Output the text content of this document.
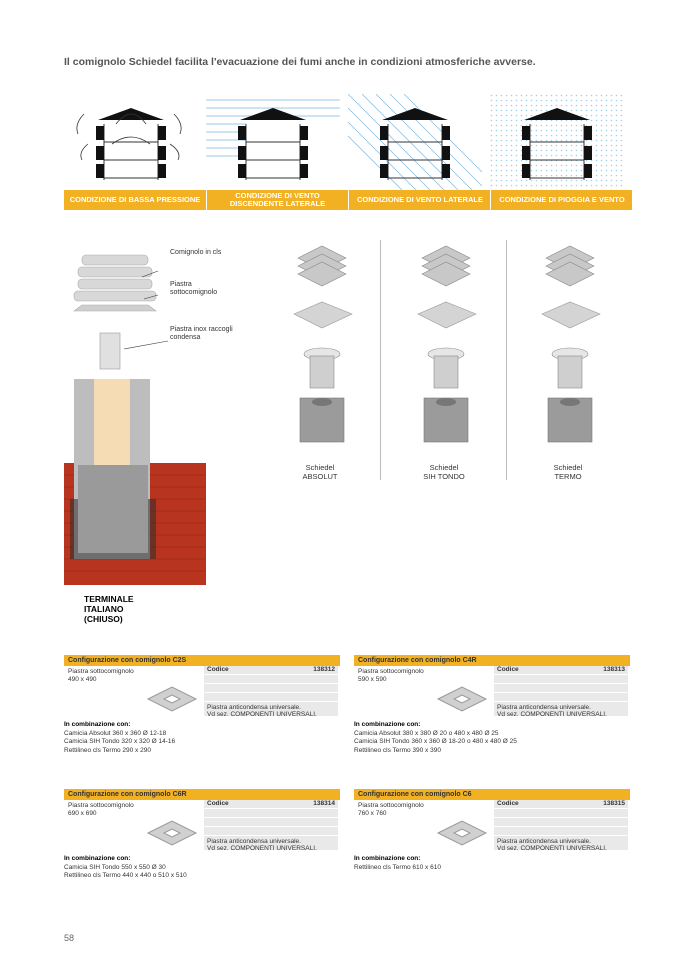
Il comignolo Schiedel facilita l'evacuazione dei fumi anche in condizioni atmosferiche avverse.
CONDIZIONE DI BASSA PRESSIONE	CONDIZIONE DI VENTO DISCENDENTE LATERALE	CONDIZIONE DI VENTO LATERALE	CONDIZIONE DI PIOGGIA E VENTO
Comignolo in cls
Piastra sottocomignolo
Piastra inox raccogli condensa
TERMINALE ITALIANO (CHIUSO)
Schiedel
ABSOLUT
Schiedel
SIH TONDO
Schiedel
TERMO
Configurazione con comignolo C2S
Piastra sottocomignolo
490 x 490
Codice	138312
Piastra anticondensa universale.
Vd sez. COMPONENTI UNIVERSALI.
In combinazione con:
Camicia Absolut 360 x 360 Ø 12-18
Camicia SIH Tondo 320 x 320 Ø 14-16
Rettilineo cls Termo 290 x 290
Configurazione con comignolo C4R
Piastra sottocomignolo
590 x 590
Codice	138313
Piastra anticondensa universale.
Vd sez. COMPONENTI UNIVERSALI.
In combinazione con:
Camicia Absolut 380 x 380 Ø 20 o 480 x 480 Ø 25
Camicia SIH Tondo 360 x 360 Ø 18-20 o 480 x 480 Ø 25
Rettilineo cls Termo 390 x 390
Configurazione con comignolo C6R
Piastra sottocomignolo
690 x 690
Codice	138314
Piastra anticondensa universale.
Vd sez. COMPONENTI UNIVERSALI.
In combinazione con:
Camicia SIH Tondo 550 x 550 Ø 30
Rettilineo cls Termo 440 x 440 o 510 x 510
Configurazione con comignolo C6
Piastra sottocomignolo
760 x 760
Codice	138315
Piastra anticondensa universale.
Vd sez. COMPONENTI UNIVERSALI.
In combinazione con:
Rettilineo cls Termo 610 x 610
58
